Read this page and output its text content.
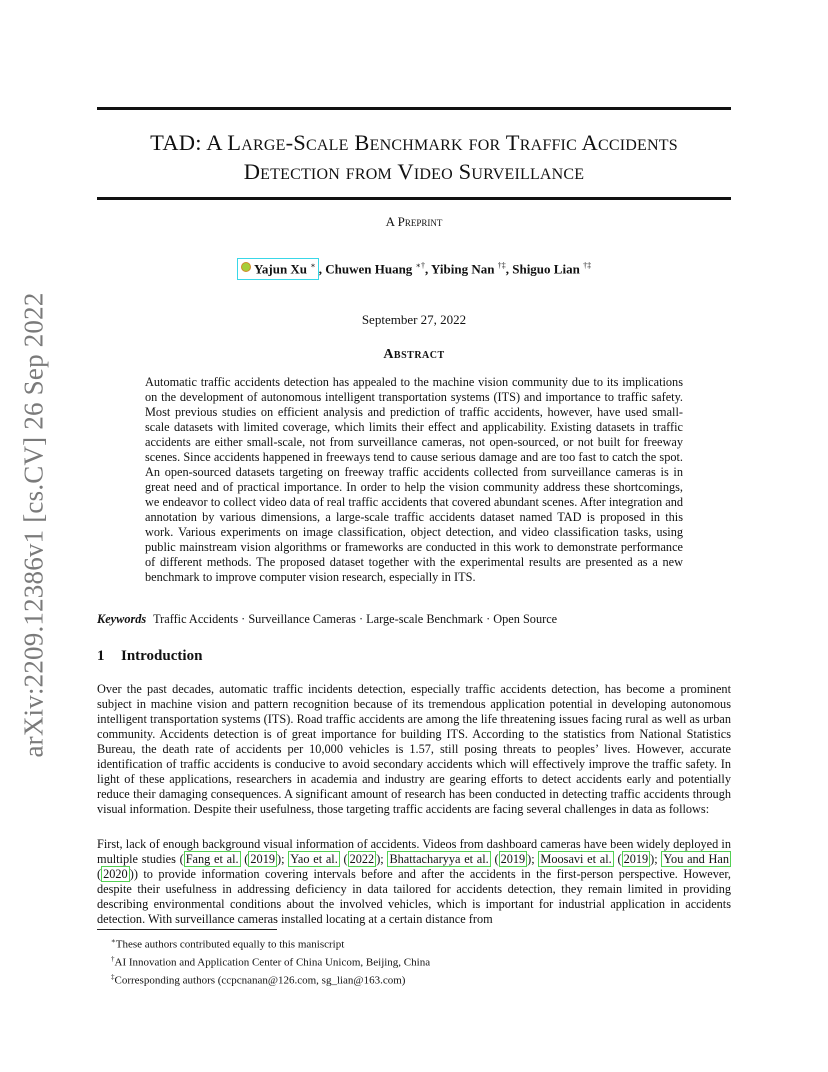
arXiv:2209.12386v1 [cs.CV] 26 Sep 2022
TAD: A Large-Scale Benchmark for Traffic Accidents
Detection from Video Surveillance
A Preprint
Yajun Xu ∗ , Chuwen Huang ∗†, Yibing Nan †‡, Shiguo Lian †‡
September 27, 2022
Abstract

Automatic traffic accidents detection has appealed to the machine vision community due to its implications on the development of autonomous intelligent transportation systems (ITS) and importance to traffic safety. Most previous studies on efficient analysis and prediction of traffic accidents, however, have used small-scale datasets with limited coverage, which limits their effect and applicability. Existing datasets in traffic accidents are either small-scale, not from surveillance cameras, not open-sourced, or not built for freeway scenes. Since accidents happened in freeways tend to cause serious damage and are too fast to catch the spot. An open-sourced datasets targeting on freeway traffic accidents collected from surveillance cameras is in great need and of practical importance. In order to help the vision community address these shortcomings, we endeavor to collect video data of real traffic accidents that covered abundant scenes. After integration and annotation by various dimensions, a large-scale traffic accidents dataset named TAD is proposed in this work. Various experiments on image classification, object detection, and video classification tasks, using public mainstream vision algorithms or frameworks are conducted in this work to demonstrate performance of different methods. The proposed dataset together with the experimental results are presented as a new benchmark to improve computer vision research, especially in ITS.

Keywords Traffic Accidents · Surveillance Cameras · Large-scale Benchmark · Open Source
1 Introduction

Over the past decades, automatic traffic incidents detection, especially traffic accidents detection, has become a prominent subject in machine vision and pattern recognition because of its tremendous application potential in developing autonomous intelligent transportation systems (ITS). Road traffic accidents are among the life threatening issues facing rural as well as urban community. Accidents detection is of great importance for building ITS. According to the statistics from National Statistics Bureau, the death rate of accidents per 10,000 vehicles is 1.57, still posing threats to peoples’ lives. However, accurate identification of traffic accidents is conducive to avoid secondary accidents which will effectively improve the traffic safety. In light of these applications, researchers in academia and industry are gearing efforts to detect accidents early and potentially reduce their damaging consequences. A significant amount of research has been conducted in detecting traffic accidents through visual information. Despite their usefulness, those targeting traffic accidents are facing several challenges in data as follows:

First, lack of enough background visual information of accidents. Videos from dashboard cameras have been widely deployed in multiple studies ( Fang et al. ( 2019 ); Yao et al. ( 2022 ); Bhattacharyya et al. ( 2019 ); Moosavi et al. ( 2019 ); You and Han ( 2020 )) to provide information covering intervals before and after the accidents in the first-person perspective. However, despite their usefulness in addressing deficiency in data tailored for accidents detection, they remain limited in providing describing environmental conditions about the involved vehicles, which is important for industrial application in accidents detection. With surveillance cameras installed locating at a certain distance from

∗These authors contributed equally to this maniscript
†AI Innovation and Application Center of China Unicom, Beijing, China
‡Corresponding authors (ccpcnanan@126.com, sg_lian@163.com)
